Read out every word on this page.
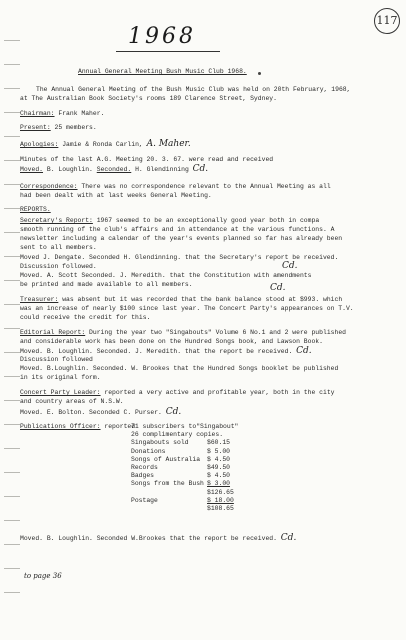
1968
117
Annual General Meeting Bush Music Club 1968.
The Annual General Meeting of the Bush Music Club was held on 20th February, 1968,
at The Australian Book Society's rooms 189 Clarence Street, Sydney.
Chairman: Frank Maher.
Present: 25 members.
Apologies: Jamie & Ronda Carlin, A. Maher.
Minutes of the last A.G. Meeting 20. 3. 67. were read and received
Moved. B. Loughlin. Seconded. H. Glendinning Cd.
Correspondence: There was no correspondence relevant to the Annual Meeting as all
had been dealt with at last weeks General Meeting.
REPORTS.
Secretary's Report: 1967 seemed to be an exceptionally good year both in compa
smooth running of the club's affairs and in attendance at the various functions. A
newsletter including a calendar of the year's events planned so far has already been
sent to all members.
Moved J. Dengate. Seconded H. Glendinning. that the Secretary's report be received.
Discussion followed.
Moved. A. Scott Seconded. J. Meredith. that the Constitution with amendments
be printed and made available to all members.
Cd.
Treasurer: was absent but it was recorded that the bank balance stood at $993. which
was an increase of nearly $100 since last year. The Concert Party's appearances on T.V.
could receive the credit for this.
Cd.
Editorial Report: During the year two "Singabouts" Volume 6 No.1 and 2 were published
and considerable work has been done on the Hundred Songs book, and Lawson Book.
Moved. B. Loughlin. Seconded. J. Meredith. that the report be received. Cd.
Discussion followed
Moved. B.Loughlin. Seconded. W. Brookes that the Hundred Songs booklet be published
in its original form.
Concert Party Leader: reported a very active and profitable year, both in the city
and country areas of N.S.W.
Moved. E. Bolton. Seconded C. Purser. Cd.
Publications Officer: reported
71 subscribers to"Singabout"
26 complimentary copies.
Singabouts sold	$60.15
Donations	$ 5.00
Songs of Australia $ 4.50
Records	$49.50
Badges	$ 4.50
Songs from the Bush $ 3.00
$126.65
Postage	$ 18.00
$108.65
Moved. B. Loughlin. Seconded W.Brookes that the report be received. Cd.
to page 36
